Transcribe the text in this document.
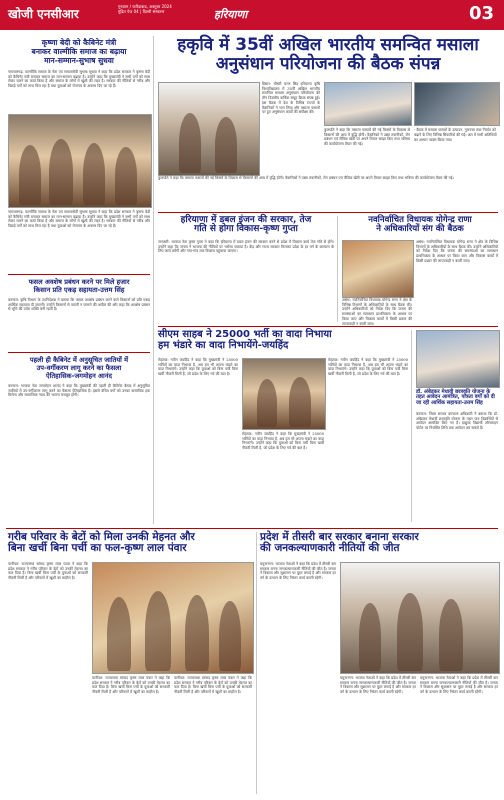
खोजी एनसीआर
गुरुग्राम / फरीदाबाद, अक्टूबर 2024
मुद्रित पेज 04 | दिल्ली संस्करण	हरियाणा	03
कृष्णा बेदी को कैबिनेट मंत्री
बनाकर वाल्मीकि समाज का बढ़ाया
मान-सम्मान-सुभाष सुधवा
नारायणगढ़: वाल्मीकि समाज के नेता एवं समाजसेवी सुभाष सुधवा ने कहा कि प्रदेश सरकार ने कृष्णा बेदी को कैबिनेट मंत्री बनाकर समाज का मान-सम्मान बढ़ाया है। उन्होंने कहा कि मुख्यमंत्री ने सभी वर्गों को साथ लेकर चलने का कार्य किया है और समाज के लोगों में खुशी की लहर है। सरकार की नीतियों से गरीब और पिछड़े वर्गों को लाभ मिल रहा है तथा युवाओं को रोजगार के अवसर दिए जा रहे हैं।
नारायणगढ़: वाल्मीकि समाज के नेता एवं समाजसेवी सुभाष सुधवा ने कहा कि प्रदेश सरकार ने कृष्णा बेदी को कैबिनेट मंत्री बनाकर समाज का मान-सम्मान बढ़ाया है। उन्होंने कहा कि मुख्यमंत्री ने सभी वर्गों को साथ लेकर चलने का कार्य किया है और समाज के लोगों में खुशी की लहर है। सरकार की नीतियों से गरीब और पिछड़े वर्गों को लाभ मिल रहा है तथा युवाओं को रोजगार के अवसर दिए जा रहे हैं।
हकृवि में 35वीं अखिल भारतीय समन्वित मसाला
अनुसंधान परियोजना की बैठक संपन्न
हिसार: चौधरी चरण सिंह हरियाणा कृषि विश्वविद्यालय में 35वीं अखिल भारतीय समन्वित मसाला अनुसंधान परियोजना की तीन दिवसीय वार्षिक समूह बैठक संपन्न हुई। इस बैठक में देश के विभिन्न राज्यों के वैज्ञानिकों ने भाग लिया और मसाला फसलों पर हुए अनुसंधान कार्यों की समीक्षा की।
कुलपति ने कहा कि मसाला फसलों की नई किस्मों के विकास से किसानों की आय में वृद्धि होगी। वैज्ञानिकों ने उन्नत तकनीकों, रोग प्रबंधन एवं जैविक खेती पर अपने विचार साझा किए तथा भविष्य की कार्ययोजना तैयार की गई।
- बैठक में मसाला फसलों के उत्पादन, गुणवत्ता तथा निर्यात को बढ़ाने के लिए विभिन्न सिफारिशें की गईं। अंत में सभी अतिथियों का आभार व्यक्त किया गया।
कुलपति ने कहा कि मसाला फसलों की नई किस्मों के विकास से किसानों की आय में वृद्धि होगी। वैज्ञानिकों ने उन्नत तकनीकों, रोग प्रबंधन एवं जैविक खेती पर अपने विचार साझा किए तथा भविष्य की कार्ययोजना तैयार की गई।
हरियाणा में डबल इंजन की सरकार, तेज
गति से होगा विकास-कृष्ण गुप्ता
जगाधरी: भाजपा नेता कृष्ण गुप्ता ने कहा कि हरियाणा में डबल इंजन की सरकार बनने से प्रदेश में विकास कार्य तेज गति से होंगे। उन्होंने कहा कि जनता ने भाजपा की नीतियों पर भरोसा जताया है। केंद्र और राज्य सरकार मिलकर प्रदेश के हर वर्ग के कल्याण के लिए कार्य करेंगी और गांव-गांव तक विकास पहुंचाया जाएगा।
नवनिर्वाचित विधायक योगेन्द्र राणा
ने अधिकारियों संग की बैठक
असंध: नवनिर्वाचित विधायक योगेन्द्र राणा ने क्षेत्र के विभिन्न विभागों के अधिकारियों के साथ बैठक की। उन्होंने अधिकारियों को निर्देश दिए कि जनता की समस्याओं का समाधान प्राथमिकता के आधार पर किया जाए और विकास कार्यों में किसी प्रकार की लापरवाही न बरती जाए।
असंध: नवनिर्वाचित विधायक योगेन्द्र राणा ने क्षेत्र के विभिन्न विभागों के अधिकारियों के साथ बैठक की। उन्होंने अधिकारियों को निर्देश दिए कि जनता की समस्याओं का समाधान प्राथमिकता के आधार पर किया जाए और विकास कार्यों में किसी प्रकार की लापरवाही न बरती जाए।
फसल अवशेष प्रबंधन करने पर मिले हजार
किसान प्रति एकड़ सहायता-उत्तम सिंह
करनाल: कृषि विभाग के उपनिदेशक ने बताया कि फसल अवशेष प्रबंधन करने वाले किसानों को प्रति एकड़ आर्थिक सहायता दी जाएगी। उन्होंने किसानों से पराली न जलाने की अपील की और कहा कि अवशेष प्रबंधन से भूमि की उर्वरा शक्ति बनी रहती है।
पहली ही कैबिनेट में अनुसूचित जातियों में
उप-वर्गीकरण लागू करने का फैसला
ऐतिहासिक-जगमोहन आनंद
करनाल: भाजपा नेता जगमोहन आनंद ने कहा कि मुख्यमंत्री की पहली ही कैबिनेट बैठक में अनुसूचित जातियों में उप-वर्गीकरण लागू करने का फैसला ऐतिहासिक है। इससे वंचित वर्गों को उनका वास्तविक हक मिलेगा और सामाजिक न्याय की भावना मजबूत होगी।
सीएम साहब ने 25000 भर्ती का वादा निभाया
हम भंडारे का वादा निभायेंगे-जयहिंद
रोहतक: नवीन जयहिंद ने कहा कि मुख्यमंत्री ने 25000 भर्तियों का वादा निभाया है, अब हम भी अपना भंडारे का वादा निभाएंगे। उन्होंने कहा कि युवाओं को बिना पर्ची बिना खर्ची नौकरी मिली है, जो प्रदेश के लिए गर्व की बात है।
रोहतक: नवीन जयहिंद ने कहा कि मुख्यमंत्री ने 25000 भर्तियों का वादा निभाया है, अब हम भी अपना भंडारे का वादा निभाएंगे। उन्होंने कहा कि युवाओं को बिना पर्ची बिना खर्ची नौकरी मिली है, जो प्रदेश के लिए गर्व की बात है।
रोहतक: नवीन जयहिंद ने कहा कि मुख्यमंत्री ने 25000 भर्तियों का वादा निभाया है, अब हम भी अपना भंडारे का वादा निभाएंगे। उन्होंने कहा कि युवाओं को बिना पर्ची बिना खर्ची नौकरी मिली है, जो प्रदेश के लिए गर्व की बात है।
डॉ. अंबेडकर मेधावी छात्रवृति योजना के
तहत आवेदन आमंत्रित, पात्रता वर्गों को दी
जा रही आर्थिक सहायता-उत्तम सिंह
करनाल: जिला समाज कल्याण अधिकारी ने बताया कि डॉ. अंबेडकर मेधावी छात्रवृति योजना के तहत पात्र विद्यार्थियों से आवेदन आमंत्रित किए गए हैं। इच्छुक विद्यार्थी ऑनलाइन पोर्टल पर निर्धारित तिथि तक आवेदन कर सकते हैं।
गरीब परिवार के बेटों को मिला उनकी मेहनत और
बिना खर्ची बिना पर्ची का फल-कृष्ण लाल पंवार
पानीपत: राज्यसभा सांसद कृष्ण लाल पंवार ने कहा कि प्रदेश सरकार ने गरीब परिवार के बेटों को उनकी मेहनत का फल दिया है। बिना खर्ची बिना पर्ची के युवाओं को सरकारी नौकरी मिली है और परिवारों में खुशी का माहौल है।
पानीपत: राज्यसभा सांसद कृष्ण लाल पंवार ने कहा कि प्रदेश सरकार ने गरीब परिवार के बेटों को उनकी मेहनत का फल दिया है। बिना खर्ची बिना पर्ची के युवाओं को सरकारी नौकरी मिली है और परिवारों में खुशी का माहौल है।
पानीपत: राज्यसभा सांसद कृष्ण लाल पंवार ने कहा कि प्रदेश सरकार ने गरीब परिवार के बेटों को उनकी मेहनत का फल दिया है। बिना खर्ची बिना पर्ची के युवाओं को सरकारी नौकरी मिली है और परिवारों में खुशी का माहौल है।
प्रदेश में तीसरी बार सरकार बनाना सरकार
की जनकल्याणकारी नीतियों की जीत
यमुनानगर: भाजपा नेताओं ने कहा कि प्रदेश में तीसरी बार सरकार बनना जनकल्याणकारी नीतियों की जीत है। जनता ने विकास और सुशासन पर मुहर लगाई है और सरकार हर वर्ग के उत्थान के लिए निरंतर कार्य करती रहेगी।
यमुनानगर: भाजपा नेताओं ने कहा कि प्रदेश में तीसरी बार सरकार बनना जनकल्याणकारी नीतियों की जीत है। जनता ने विकास और सुशासन पर मुहर लगाई है और सरकार हर वर्ग के उत्थान के लिए निरंतर कार्य करती रहेगी।
यमुनानगर: भाजपा नेताओं ने कहा कि प्रदेश में तीसरी बार सरकार बनना जनकल्याणकारी नीतियों की जीत है। जनता ने विकास और सुशासन पर मुहर लगाई है और सरकार हर वर्ग के उत्थान के लिए निरंतर कार्य करती रहेगी।
